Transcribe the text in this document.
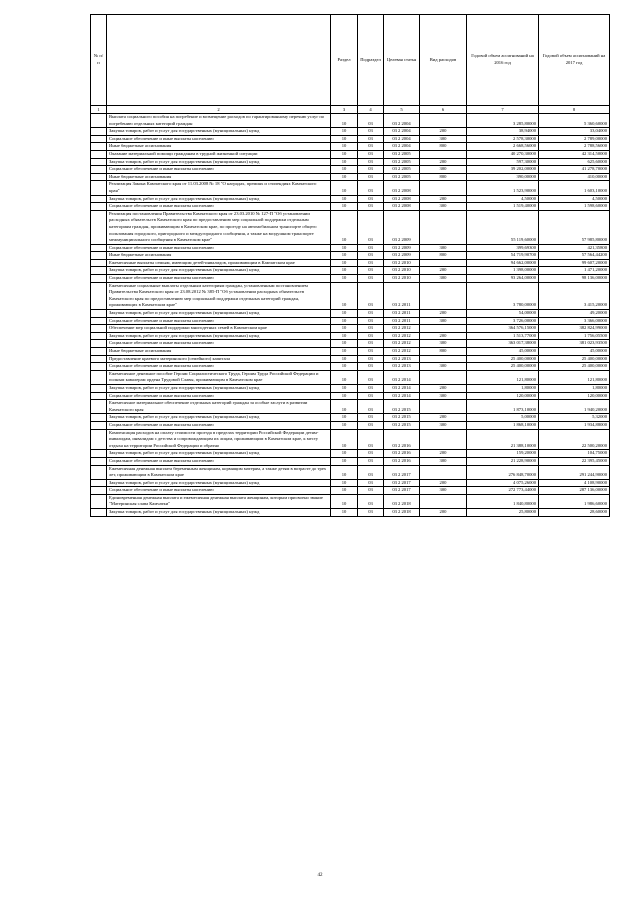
№ п/п		Раздел	Подраздел	Целевая статья	Вид расходов	Годовой объем ассигнований на 2016 год	Годовой объем ассигнований на 2017 год
1	2	3	4	5	6	7	8
	Выплата социального пособия на погребение и возмещение расходов по гарантированному перечню услуг по погребению отдельных категорий граждан	10	03	03 2 2004		3 285,80000	5 360,60000
	Закупка товаров, работ и услуг для государственных (муниципальных) нужд	10	03	03 2 2004	200	38,94000	33,04000
	Социальное обеспечение и иные выплаты населению	10	03	03 2 2004	300	2 578,30000	2 789,00000
	Иные бюджетные ассигнования	10	03	03 2 2004	800	2 668,56000	2 788,56000
	Оказание материальной помощи гражданам в трудной жизненной ситуации	10	03	03 2 2005		40 270,30000	42 314,50000
	Закупка товаров, работ и услуг для государственных (муниципальных) нужд	10	03	03 2 2005	200	597,30000	625,60000
	Социальное обеспечение и иные выплаты населению	10	03	03 2 2005	300	39 202,00000	41 278,70000
	Иные бюджетные ассигнования	10	03	03 2 2005	800	390,00000	410,00000
	Реализация Закона Камчатского края от 11.03.2008 № 18 "О наградах, премиях и стипендиях Камчатского края"	10	03	03 2 2008		1 523,90000	1 603,10000
	Закупка товаров, работ и услуг для государственных (муниципальных) нужд	10	03	03 2 2008	200	4,50000	4,50000
	Социальное обеспечение и иные выплаты населению	10	03	03 2 2008	300	1 519,40000	1 598,60000
	Реализация постановления Правительства Камчатского края от 23.03.2010 № 127-П "Об установлении расходных обязательств Камчатского края по предоставлению мер социальной поддержки отдельным категориям граждан, проживающим в Камчатском крае, по проезду на автомобильном транспорте общего пользования городского, пригородного и междугородного сообщения, а также на воздушном транспорте межмуниципального сообщения в Камчатском крае"	10	03	03 2 2009		55 119,60000	57 985,80000
	Социальное обеспечение и иные выплаты населению	10	03	03 2 2009	300	399,69300	421,35800
	Иные бюджетные ассигнования	10	03	03 2 2009	800	54 719,90700	57 564,44200
	Ежемесячные выплаты семьям, имеющим детей-инвалидов, проживающим в Камчатском крае	10	03	03 2 2010		94 662,00000	99 607,20000
	Закупка товаров, работ и услуг для государственных (муниципальных) нужд	10	03	03 2 2010	200	1 398,00000	1 471,20000
	Социальное обеспечение и иные выплаты населению	10	03	03 2 2010	300	93 264,00000	98 136,00000
	Ежемесячные социальные выплаты отдельным категориям граждан, установленным постановлением Правительства Камчатского края от 23.08.2012 № 385-П "Об установлении расходных обязательств Камчатского края по предоставлению мер социальной поддержки отдельных категорий граждан, проживающих в Камчатском крае"	10	03	03 2 2011		3 780,00000	3 415,20000
	Закупка товаров, работ и услуг для государственных (муниципальных) нужд	10	03	03 2 2011	200	54,00000	49,20000
	Социальное обеспечение и иные выплаты населению	10	03	03 2 2011	300	3 726,00000	3 366,00000
	Обеспечение мер социальной поддержки многодетных семей в Камчатском крае	10	03	03 2 2012		364 576,15000	382 824,99000
	Закупка товаров, работ и услуг для государственных (муниципальных) нужд	10	03	03 2 2012	200	1 513,77000	1 756,05500
	Социальное обеспечение и иные выплаты населению	10	03	03 2 2012	300	363 017,38000	381 023,93500
	Иные бюджетные ассигнования	10	03	03 2 2012	800	45,00000	45,00000
	Предоставление краевого материнского (семейного) капитала	10	03	03 2 2013		25 400,00000	25 400,00000
	Социальное обеспечение и иные выплаты населению	10	03	03 2 2013	300	25 400,00000	25 400,00000
	Ежемесячное денежное пособие Героям Социалистического Труда, Героям Труда Российской Федерации и полным кавалерам ордена Трудовой Славы, проживающим в Камчатском крае	10	03	03 2 2014		121,80000	121,80000
	Закупка товаров, работ и услуг для государственных (муниципальных) нужд	10	03	03 2 2014	200	1,80000	1,80000
	Социальное обеспечение и иные выплаты населению	10	03	03 2 2014	300	120,00000	120,00000
	Ежемесячное материальное обеспечение отдельных категорий граждан за особые заслуги в развитии Камчатского края	10	03	03 2 2015		1 873,10000	1 940,20000
	Закупка товаров, работ и услуг для государственных (муниципальных) нужд	10	03	03 2 2015	200	5,00000	5,32000
	Социальное обеспечение и иные выплаты населению	10	03	03 2 2015	300	1 868,10000	1 934,88000
	Компенсация расходов на оплату стоимости проезда в пределах территории Российской Федерации детям-инвалидам, инвалидам с детства и сопровождающим их лицам, проживающим в Камчатском крае, к месту отдыха на территории Российской Федерации и обратно	10	03	03 2 2016		21 388,10000	22 500,20000
	Закупка товаров, работ и услуг для государственных (муниципальных) нужд	10	03	03 2 2016	200	159,20000	104,75000
	Социальное обеспечение и иные выплаты населению	10	03	03 2 2016	300	21 228,90000	22 395,45000
	Ежемесячная денежная выплата беременным женщинам, кормящим матерям, а также детям в возрасте до трех лет, проживающим в Камчатском крае	10	03	03 2 2017		276 848,70000	291 244,90000
	Закупка товаров, работ и услуг для государственных (муниципальных) нужд	10	03	03 2 2017	200	4 075,26000	4 108,90000
	Социальное обеспечение и иные выплаты населению	10	03	03 2 2017	300	272 773,44000	287 136,00000
	Единовременная денежная выплата и ежемесячная денежная выплата женщинам, которым присвоено звание "Материнская слава Камчатки"	10	03	03 2 2018		1 840,80000	1 986,60000
	Закупка товаров, работ и услуг для государственных (муниципальных) нужд	10	03	03 2 2018	200	25,80000	28,60000
42
